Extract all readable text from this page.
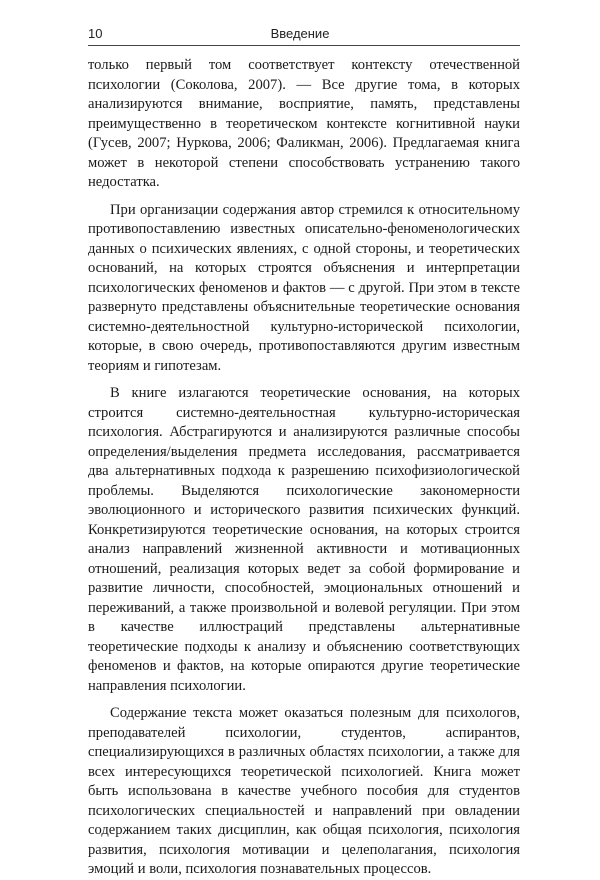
10	Введение

только первый том соответствует контексту отечественной психологии (Соколова, 2007). — Все другие тома, в которых анализируются внимание, восприятие, память, представлены преимущественно в теоретическом контексте когнитивной науки (Гусев, 2007; Нуркова, 2006; Фаликман, 2006). Предлагаемая книга может в некоторой степени способствовать устранению такого недостатка.

При организации содержания автор стремился к относительному противопоставлению известных описательно-феноменологических данных о психических явлениях, с одной стороны, и теоретических оснований, на которых строятся объяснения и интерпретации психологических феноменов и фактов — с другой. При этом в тексте развернуто представлены объяснительные теоретические основания системно-деятельностной культурно-исторической психологии, которые, в свою очередь, противопоставляются другим известным теориям и гипотезам.

В книге излагаются теоретические основания, на которых строится системно-деятельностная культурно-историческая психология. Абстрагируются и анализируются различные способы определения/выделения предмета исследования, рассматривается два альтернативных подхода к разрешению психофизиологической проблемы. Выделяются психологические закономерности эволюционного и исторического развития психических функций. Конкретизируются теоретические основания, на которых строится анализ направлений жизненной активности и мотивационных отношений, реализация которых ведет за собой формирование и развитие личности, способностей, эмоциональных отношений и переживаний, а также произвольной и волевой регуляции. При этом в качестве иллюстраций представлены альтернативные теоретические подходы к анализу и объяснению соответствующих феноменов и фактов, на которые опираются другие теоретические направления психологии.

Содержание текста может оказаться полезным для психологов, преподавателей психологии, студентов, аспирантов, специализирующихся в различных областях психологии, а также для всех интересующихся теоретической психологией. Книга может быть использована в качестве учебного пособия для студентов психологических специальностей и направлений при овладении содержанием таких дисциплин, как общая психология, психология развития, психология мотивации и целеполагания, психология эмоций и воли, психология познавательных процессов.
